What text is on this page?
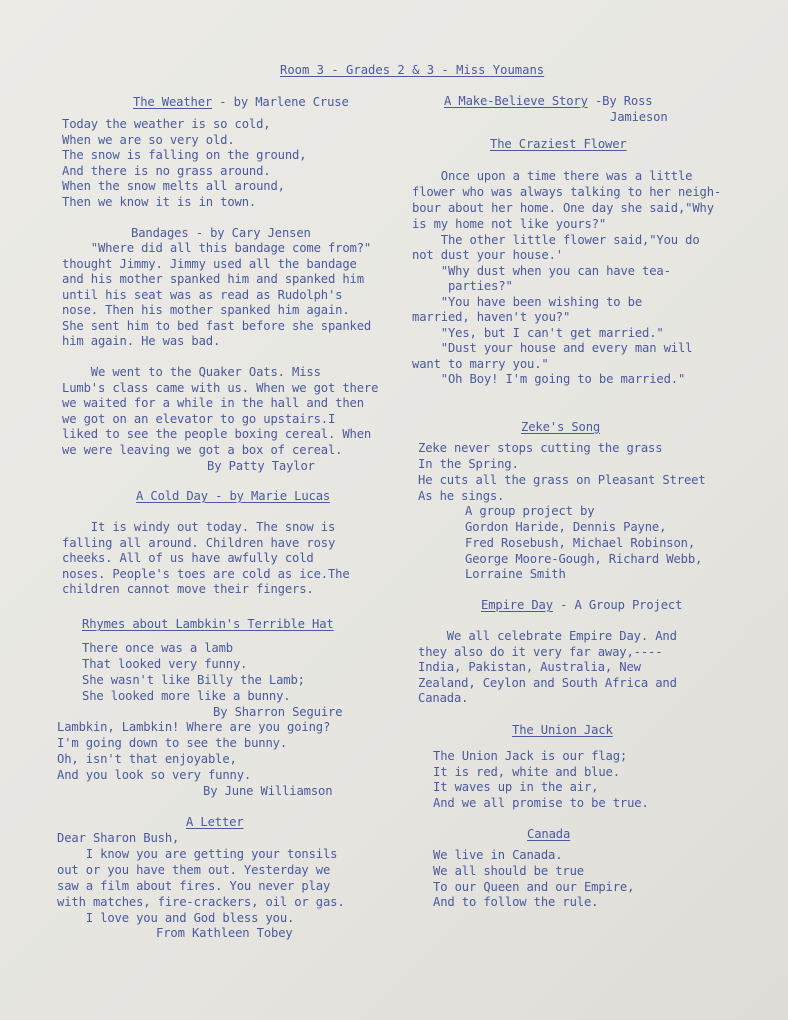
Room 3 - Grades 2 & 3 - Miss Youmans
The Weather - by Marlene Cruse
Today the weather is so cold,
When we are so very old.
The snow is falling on the ground,
And there is no grass around.
When the snow melts all around,
Then we know it is in town.
Bandages - by Cary Jensen
"Where did all this bandage come from?"
thought Jimmy. Jimmy used all the bandage
and his mother spanked him and spanked him
until his seat was as read as Rudolph's
nose. Then his mother spanked him again.
She sent him to bed fast before she spanked
him again. He was bad.
We went to the Quaker Oats. Miss
Lumb's class came with us. When we got there
we waited for a while in the hall and then
we got on an elevator to go upstairs.I
liked to see the people boxing cereal. When
we were leaving we got a box of cereal.
By Patty Taylor
A Cold Day - by Marie Lucas
It is windy out today. The snow is
falling all around. Children have rosy
cheeks. All of us have awfully cold
noses. People's toes are cold as ice.The
children cannot move their fingers.
Rhymes about Lambkin's Terrible Hat
There once was a lamb
That looked very funny.
She wasn't like Billy the Lamb;
She looked more like a bunny.
By Sharron Seguire
Lambkin, Lambkin! Where are you going?
I'm going down to see the bunny.
Oh, isn't that enjoyable,
And you look so very funny.
By June Williamson
A Letter
Dear Sharon Bush,
I know you are getting your tonsils
out or you have them out. Yesterday we
saw a film about fires. You never play
with matches, fire-crackers, oil or gas.
I love you and God bless you.
From Kathleen Tobey
A Make-Believe Story -By Ross
Jamieson
The Craziest Flower
Once upon a time there was a little
flower who was always talking to her neigh-
bour about her home. One day she said,"Why
is my home not like yours?"
The other little flower said,"You do
not dust your house.'
"Why dust when you can have tea-
parties?"
"You have been wishing to be
married, haven't you?"
"Yes, but I can't get married."
"Dust your house and every man will
want to marry you."
"Oh Boy! I'm going to be married."
Zeke's Song
Zeke never stops cutting the grass
In the Spring.
He cuts all the grass on Pleasant Street
As he sings.
A group project by
Gordon Haride, Dennis Payne,
Fred Rosebush, Michael Robinson,
George Moore-Gough, Richard Webb,
Lorraine Smith
Empire Day - A Group Project
We all celebrate Empire Day. And
they also do it very far away,----
India, Pakistan, Australia, New
Zealand, Ceylon and South Africa and
Canada.
The Union Jack
The Union Jack is our flag;
It is red, white and blue.
It waves up in the air,
And we all promise to be true.
Canada
We live in Canada.
We all should be true
To our Queen and our Empire,
And to follow the rule.
